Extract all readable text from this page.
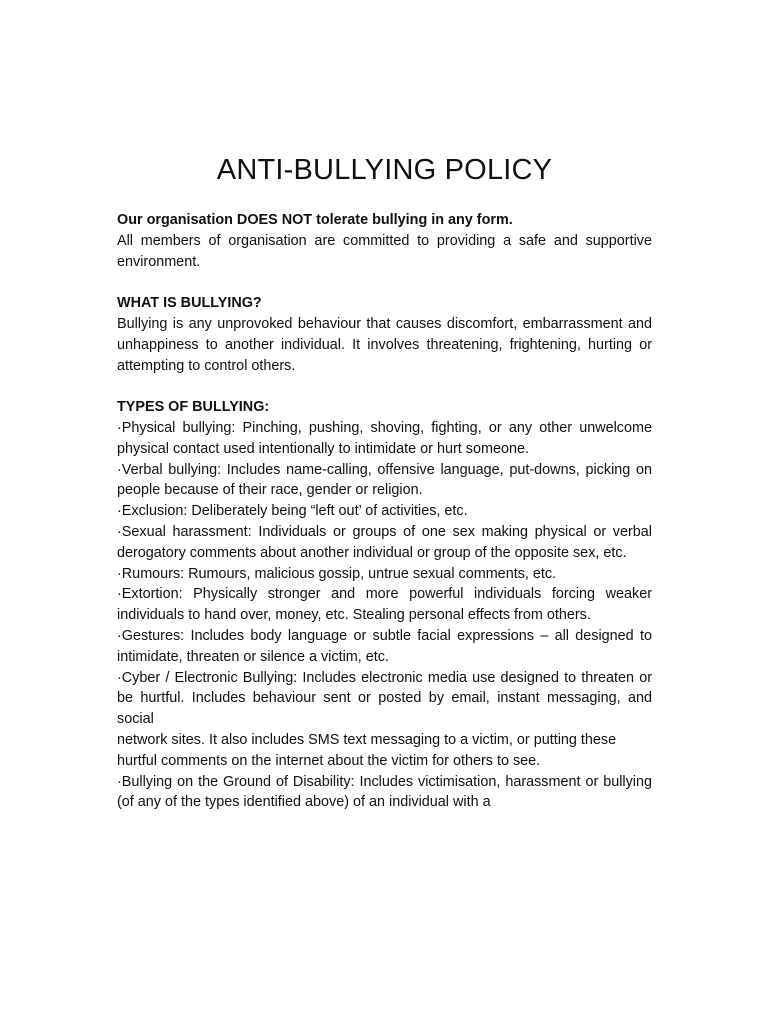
ANTI-BULLYING POLICY

Our organisation DOES NOT tolerate bullying in any form.

All members of organisation are committed to providing a safe and supportive environment.

WHAT IS BULLYING?

Bullying is any unprovoked behaviour that causes discomfort, embarrassment and unhappiness to another individual. It involves threatening, frightening, hurting or attempting to control others.

TYPES OF BULLYING:

·Physical bullying: Pinching, pushing, shoving, fighting, or any other unwelcome physical contact used intentionally to intimidate or hurt someone.

·Verbal bullying: Includes name-calling, offensive language, put-downs, picking on people because of their race, gender or religion.

·Exclusion: Deliberately being “left out’ of activities, etc.

·Sexual harassment: Individuals or groups of one sex making physical or verbal derogatory comments about another individual or group of the opposite sex, etc.

·Rumours: Rumours, malicious gossip, untrue sexual comments, etc.

·Extortion: Physically stronger and more powerful individuals forcing weaker individuals to hand over, money, etc. Stealing personal effects from others.

·Gestures: Includes body language or subtle facial expressions – all designed to intimidate, threaten or silence a victim, etc.

·Cyber / Electronic Bullying: Includes electronic media use designed to threaten or be hurtful. Includes behaviour sent or posted by email, instant messaging, and social

network sites. It also includes SMS text messaging to a victim, or putting these

hurtful comments on the internet about the victim for others to see.

·Bullying on the Ground of Disability: Includes victimisation, harassment or bullying (of any of the types identified above) of an individual with a
